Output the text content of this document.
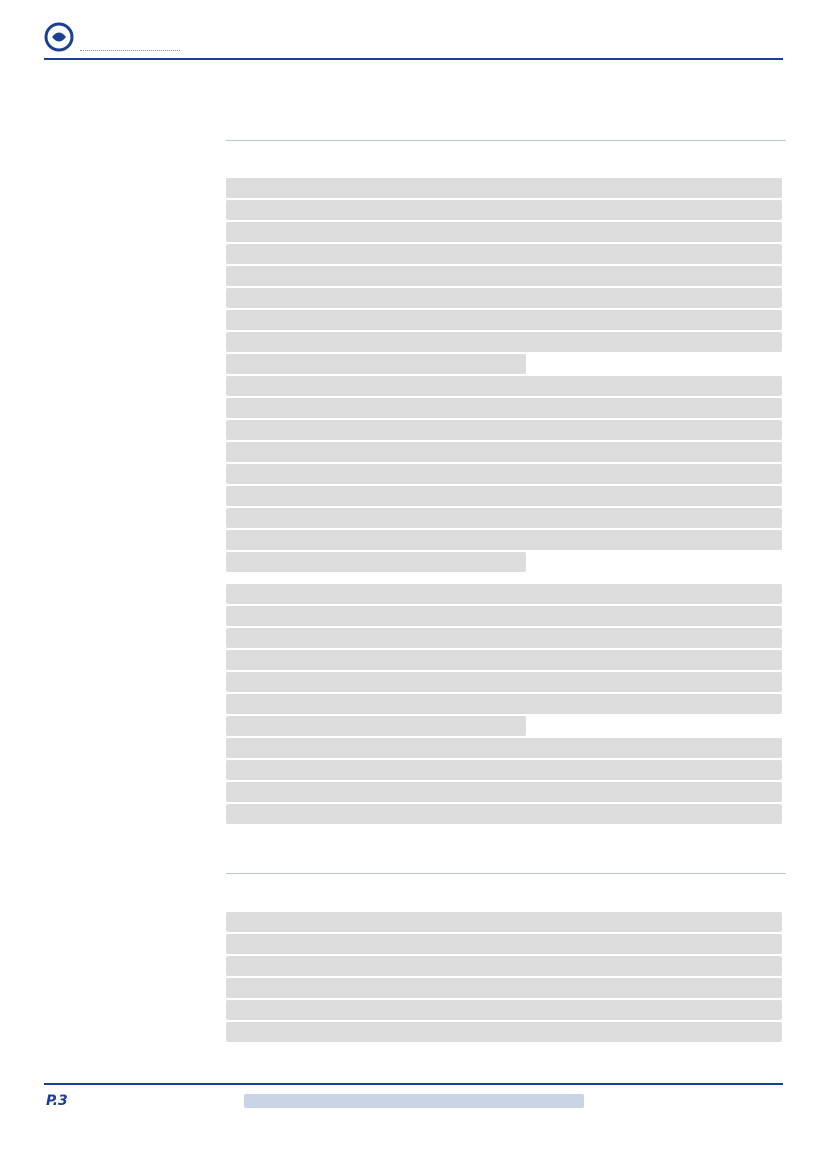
P.3
